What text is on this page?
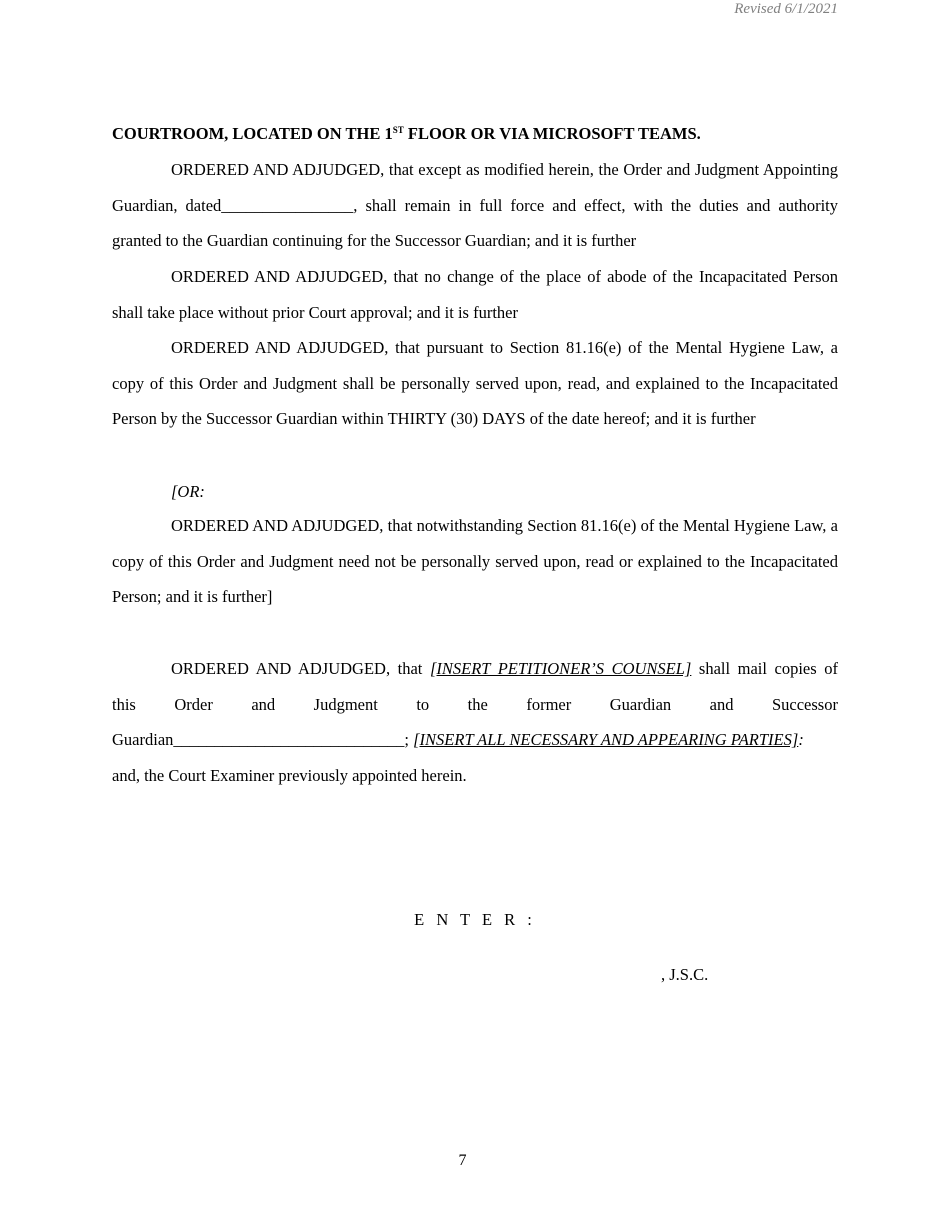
Revised 6/1/2021
COURTROOM, LOCATED ON THE 1ST FLOOR OR VIA MICROSOFT TEAMS.
ORDERED AND ADJUDGED, that except as modified herein, the Order and Judgment Appointing Guardian, dated________________, shall remain in full force and effect, with the duties and authority granted to the Guardian continuing for the Successor Guardian; and it is further
ORDERED AND ADJUDGED, that no change of the place of abode of the Incapacitated Person shall take place without prior Court approval; and it is further
ORDERED AND ADJUDGED, that pursuant to Section 81.16(e) of the Mental Hygiene Law, a copy of this Order and Judgment shall be personally served upon, read, and explained to the Incapacitated Person by the Successor Guardian within THIRTY (30) DAYS of the date hereof; and it is further
[OR:
ORDERED AND ADJUDGED, that notwithstanding Section 81.16(e) of the Mental Hygiene Law, a copy of this Order and Judgment need not be personally served upon, read or explained to the Incapacitated Person; and it is further]
ORDERED AND ADJUDGED, that [INSERT PETITIONER’S COUNSEL] shall mail copies of
this Order and Judgment to the former Guardian and Successor
Guardian____________________________; [INSERT ALL NECESSARY AND APPEARING PARTIES]:
and, the Court Examiner previously appointed herein.
E N T E R :
, J.S.C.
7
